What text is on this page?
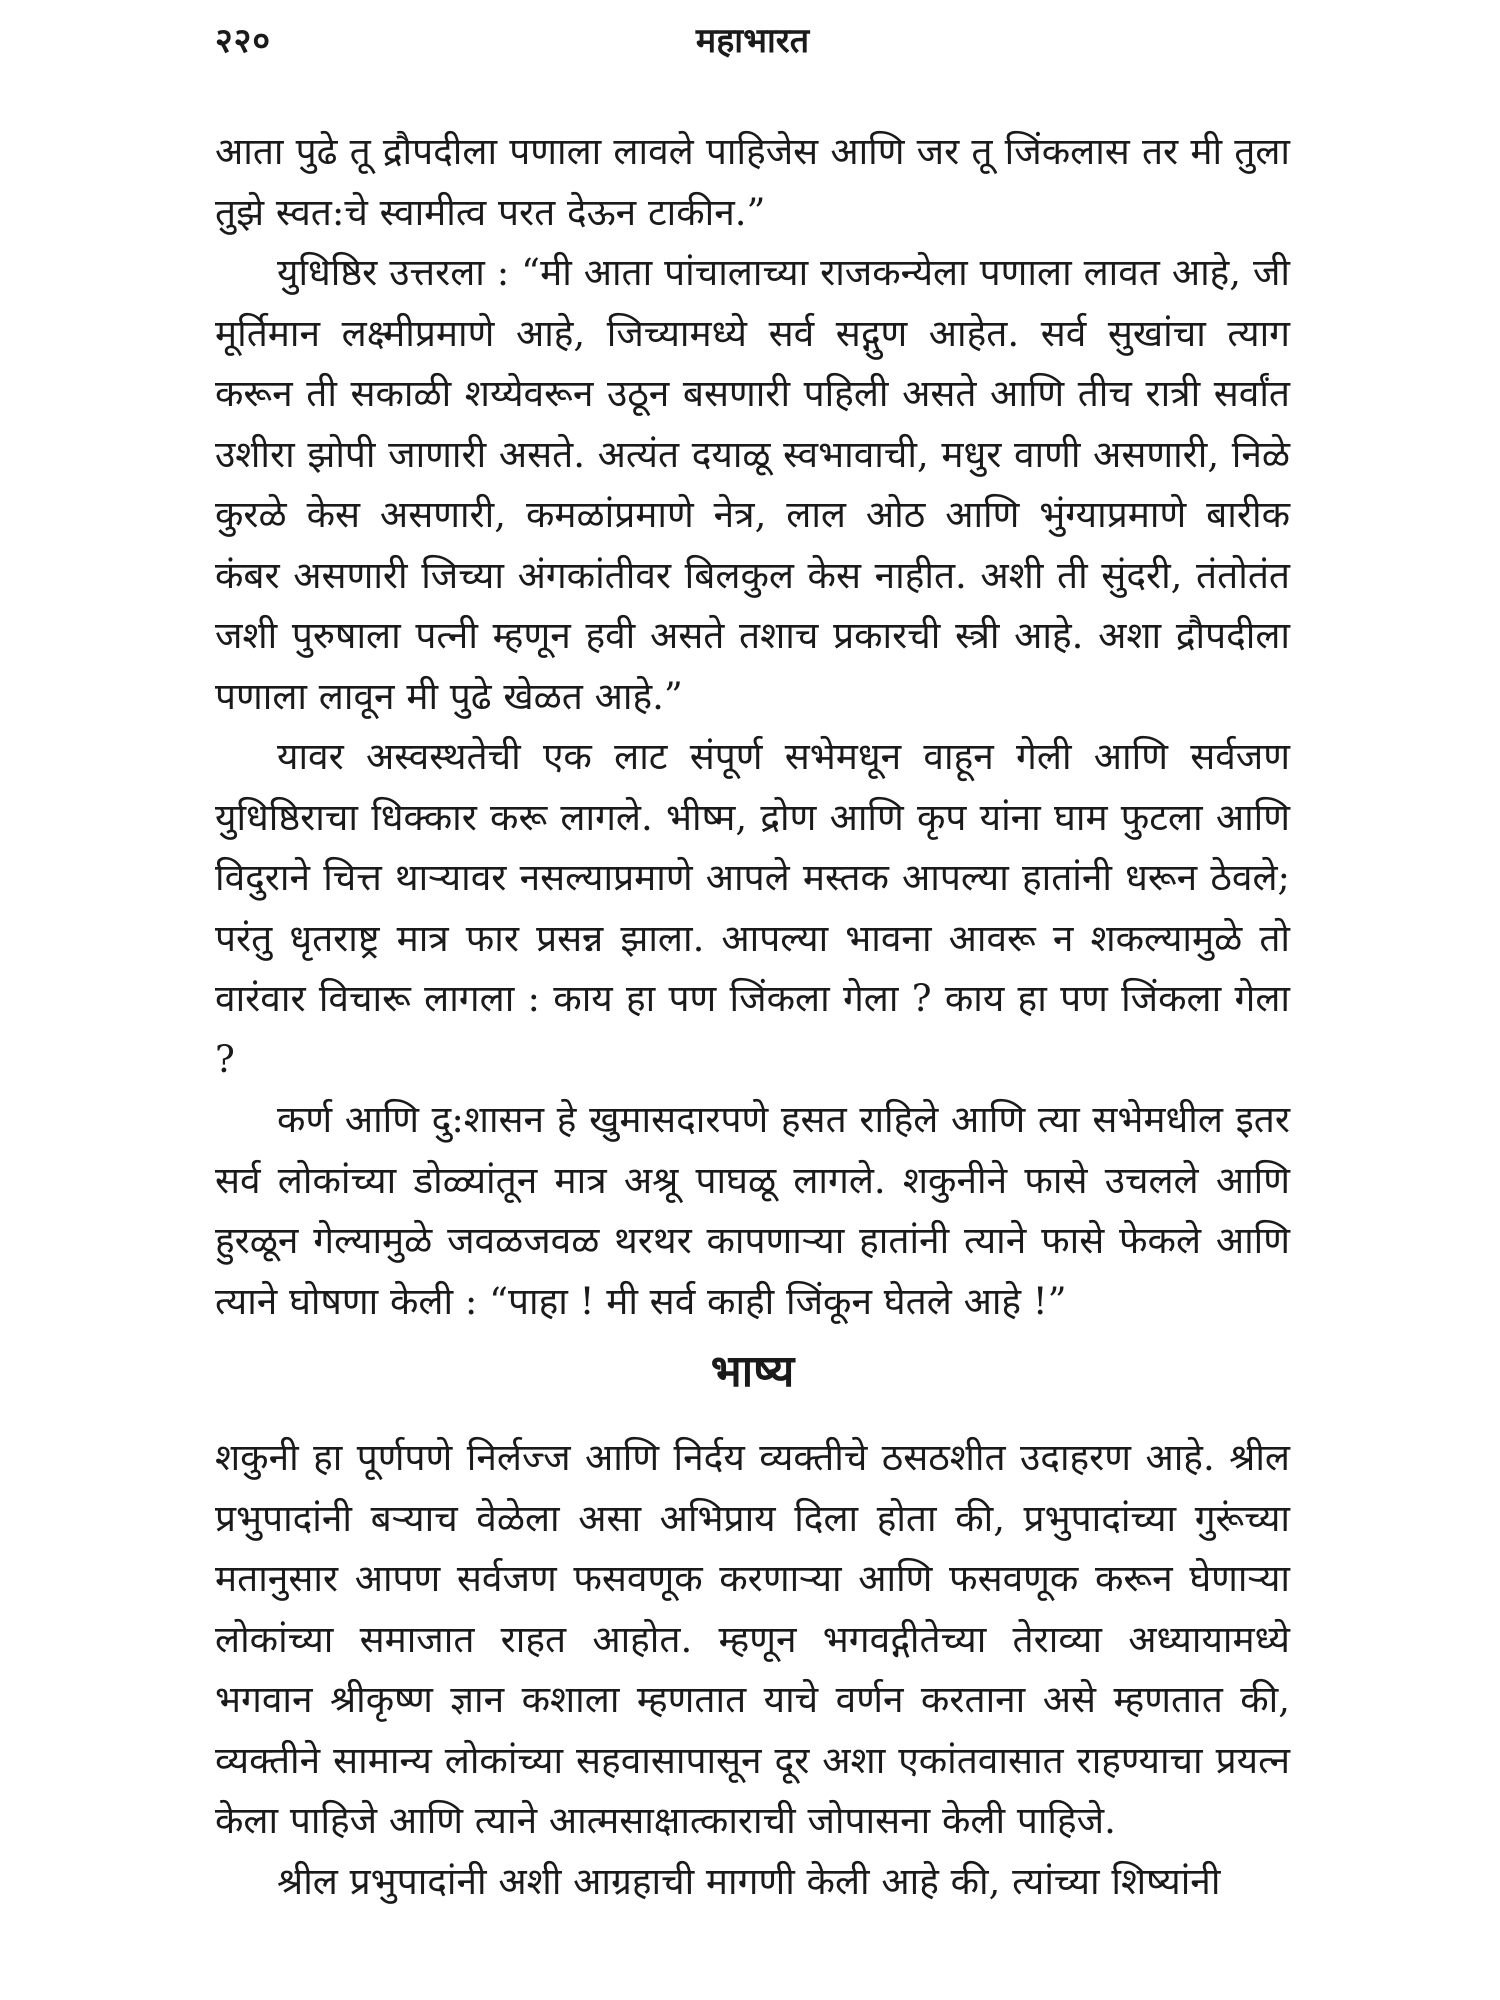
२२०	महाभारत

आता पुढे तू द्रौपदीला पणाला लावले पाहिजेस आणि जर तू जिंकलास तर मी तुला तुझे स्वत:चे स्वामीत्व परत देऊन टाकीन.”

युधिष्ठिर उत्तरला : “मी आता पांचालाच्या राजकन्येला पणाला लावत आहे, जी मूर्तिमान लक्ष्मीप्रमाणे आहे, जिच्यामध्ये सर्व सद्गुण आहेत. सर्व सुखांचा त्याग करून ती सकाळी शय्येवरून उठून बसणारी पहिली असते आणि तीच रात्री सर्वांत उशीरा झोपी जाणारी असते. अत्यंत दयाळू स्वभावाची, मधुर वाणी असणारी, निळे कुरळे केस असणारी, कमळांप्रमाणे नेत्र, लाल ओठ आणि भुंग्याप्रमाणे बारीक कंबर असणारी जिच्या अंगकांतीवर बिलकुल केस नाहीत. अशी ती सुंदरी, तंतोतंत जशी पुरुषाला पत्नी म्हणून हवी असते तशाच प्रकारची स्त्री आहे. अशा द्रौपदीला पणाला लावून मी पुढे खेळत आहे.”

यावर अस्वस्थतेची एक लाट संपूर्ण सभेमधून वाहून गेली आणि सर्वजण युधिष्ठिराचा धिक्कार करू लागले. भीष्म, द्रोण आणि कृप यांना घाम फुटला आणि विदुराने चित्त थाऱ्यावर नसल्याप्रमाणे आपले मस्तक आपल्या हातांनी धरून ठेवले; परंतु धृतराष्ट्र मात्र फार प्रसन्न झाला. आपल्या भावना आवरू न शकल्यामुळे तो वारंवार विचारू लागला : काय हा पण जिंकला गेला ? काय हा पण जिंकला गेला ?

कर्ण आणि दु:शासन हे खुमासदारपणे हसत राहिले आणि त्या सभेमधील इतर सर्व लोकांच्या डोळ्यांतून मात्र अश्रू पाघळू लागले. शकुनीने फासे उचलले आणि हुरळून गेल्यामुळे जवळजवळ थरथर कापणाऱ्या हातांनी त्याने फासे फेकले आणि त्याने घोषणा केली : “पाहा ! मी सर्व काही जिंकून घेतले आहे !”

भाष्य

शकुनी हा पूर्णपणे निर्लज्ज आणि निर्दय व्यक्तीचे ठसठशीत उदाहरण आहे. श्रील प्रभुपादांनी बऱ्याच वेळेला असा अभिप्राय दिला होता की, प्रभुपादांच्या गुरूंच्या मतानुसार आपण सर्वजण फसवणूक करणाऱ्या आणि फसवणूक करून घेणाऱ्या लोकांच्या समाजात राहत आहोत. म्हणून भगवद्गीतेच्या तेराव्या अध्यायामध्ये भगवान श्रीकृष्ण ज्ञान कशाला म्हणतात याचे वर्णन करताना असे म्हणतात की, व्यक्तीने सामान्य लोकांच्या सहवासापासून दूर अशा एकांतवासात राहण्याचा प्रयत्न केला पाहिजे आणि त्याने आत्मसाक्षात्काराची जोपासना केली पाहिजे.

श्रील प्रभुपादांनी अशी आग्रहाची मागणी केली आहे की, त्यांच्या शिष्यांनी
